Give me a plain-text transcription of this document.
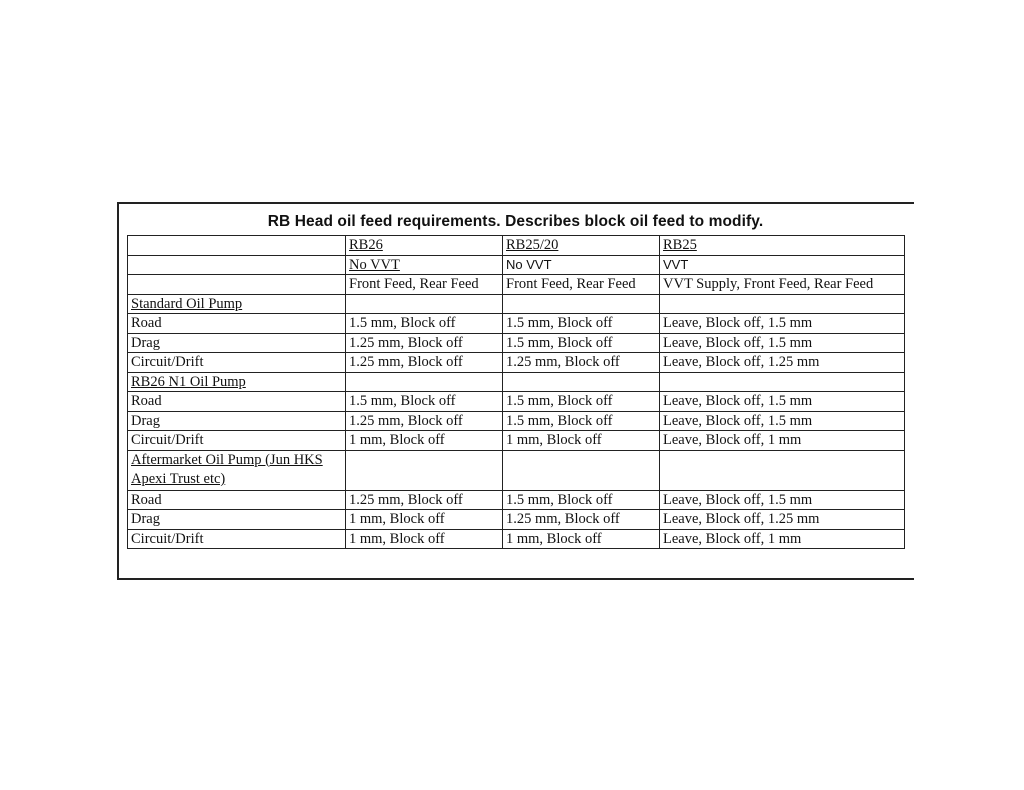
RB Head oil feed requirements. Describes block oil feed to modify.
	RB26	RB25/20	RB25
	No VVT	No VVT	VVT
	Front Feed, Rear Feed	Front Feed, Rear Feed	VVT Supply, Front Feed, Rear Feed
Standard Oil Pump			
Road	1.5 mm, Block off	1.5 mm, Block off	Leave, Block off, 1.5 mm
Drag	1.25 mm, Block off	1.5 mm, Block off	Leave, Block off, 1.5 mm
Circuit/Drift	1.25 mm, Block off	1.25 mm, Block off	Leave, Block off, 1.25 mm
RB26 N1 Oil Pump			
Road	1.5 mm, Block off	1.5 mm, Block off	Leave, Block off, 1.5 mm
Drag	1.25 mm, Block off	1.5 mm, Block off	Leave, Block off, 1.5 mm
Circuit/Drift	1 mm, Block off	1 mm, Block off	Leave, Block off, 1 mm
Aftermarket Oil Pump (Jun HKS Apexi Trust etc)			
Road	1.25 mm, Block off	1.5 mm, Block off	Leave, Block off, 1.5 mm
Drag	1 mm, Block off	1.25 mm, Block off	Leave, Block off, 1.25 mm
Circuit/Drift	1 mm, Block off	1 mm, Block off	Leave, Block off, 1 mm
